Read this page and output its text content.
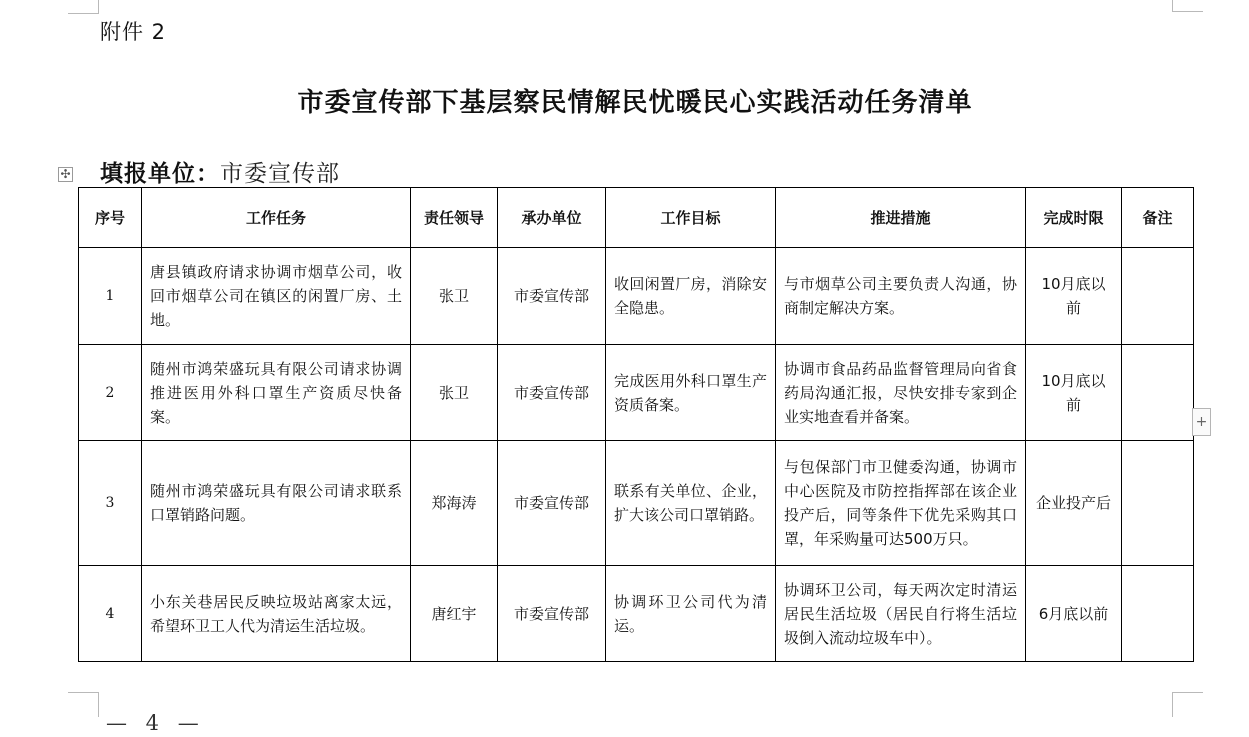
附件 2
市委宣传部下基层察民情解民忧暖民心实践活动任务清单
✣ 填报单位：市委宣传部
序号	工作任务	责任领导	承办单位	工作目标	推进措施	完成时限	备注
1	唐县镇政府请求协调市烟草公司，收回市烟草公司在镇区的闲置厂房、土地。	张卫	市委宣传部	收回闲置厂房，消除安全隐患。	与市烟草公司主要负责人沟通，协商制定解决方案。	10月底以前	
2	随州市鸿荣盛玩具有限公司请求协调推进医用外科口罩生产资质尽快备案。	张卫	市委宣传部	完成医用外科口罩生产资质备案。	协调市食品药品监督管理局向省食药局沟通汇报，尽快安排专家到企业实地查看并备案。	10月底以前	
3	随州市鸿荣盛玩具有限公司请求联系口罩销路问题。	郑海涛	市委宣传部	联系有关单位、企业，扩大该公司口罩销路。	与包保部门市卫健委沟通，协调市中心医院及市防控指挥部在该企业投产后，同等条件下优先采购其口罩，年采购量可达500万只。	企业投产后	
4	小东关巷居民反映垃圾站离家太远，希望环卫工人代为清运生活垃圾。	唐红宇	市委宣传部	协调环卫公司代为清运。	协调环卫公司，每天两次定时清运居民生活垃圾（居民自行将生活垃圾倒入流动垃圾车中）。	6月底以前	
+
— 4 —
